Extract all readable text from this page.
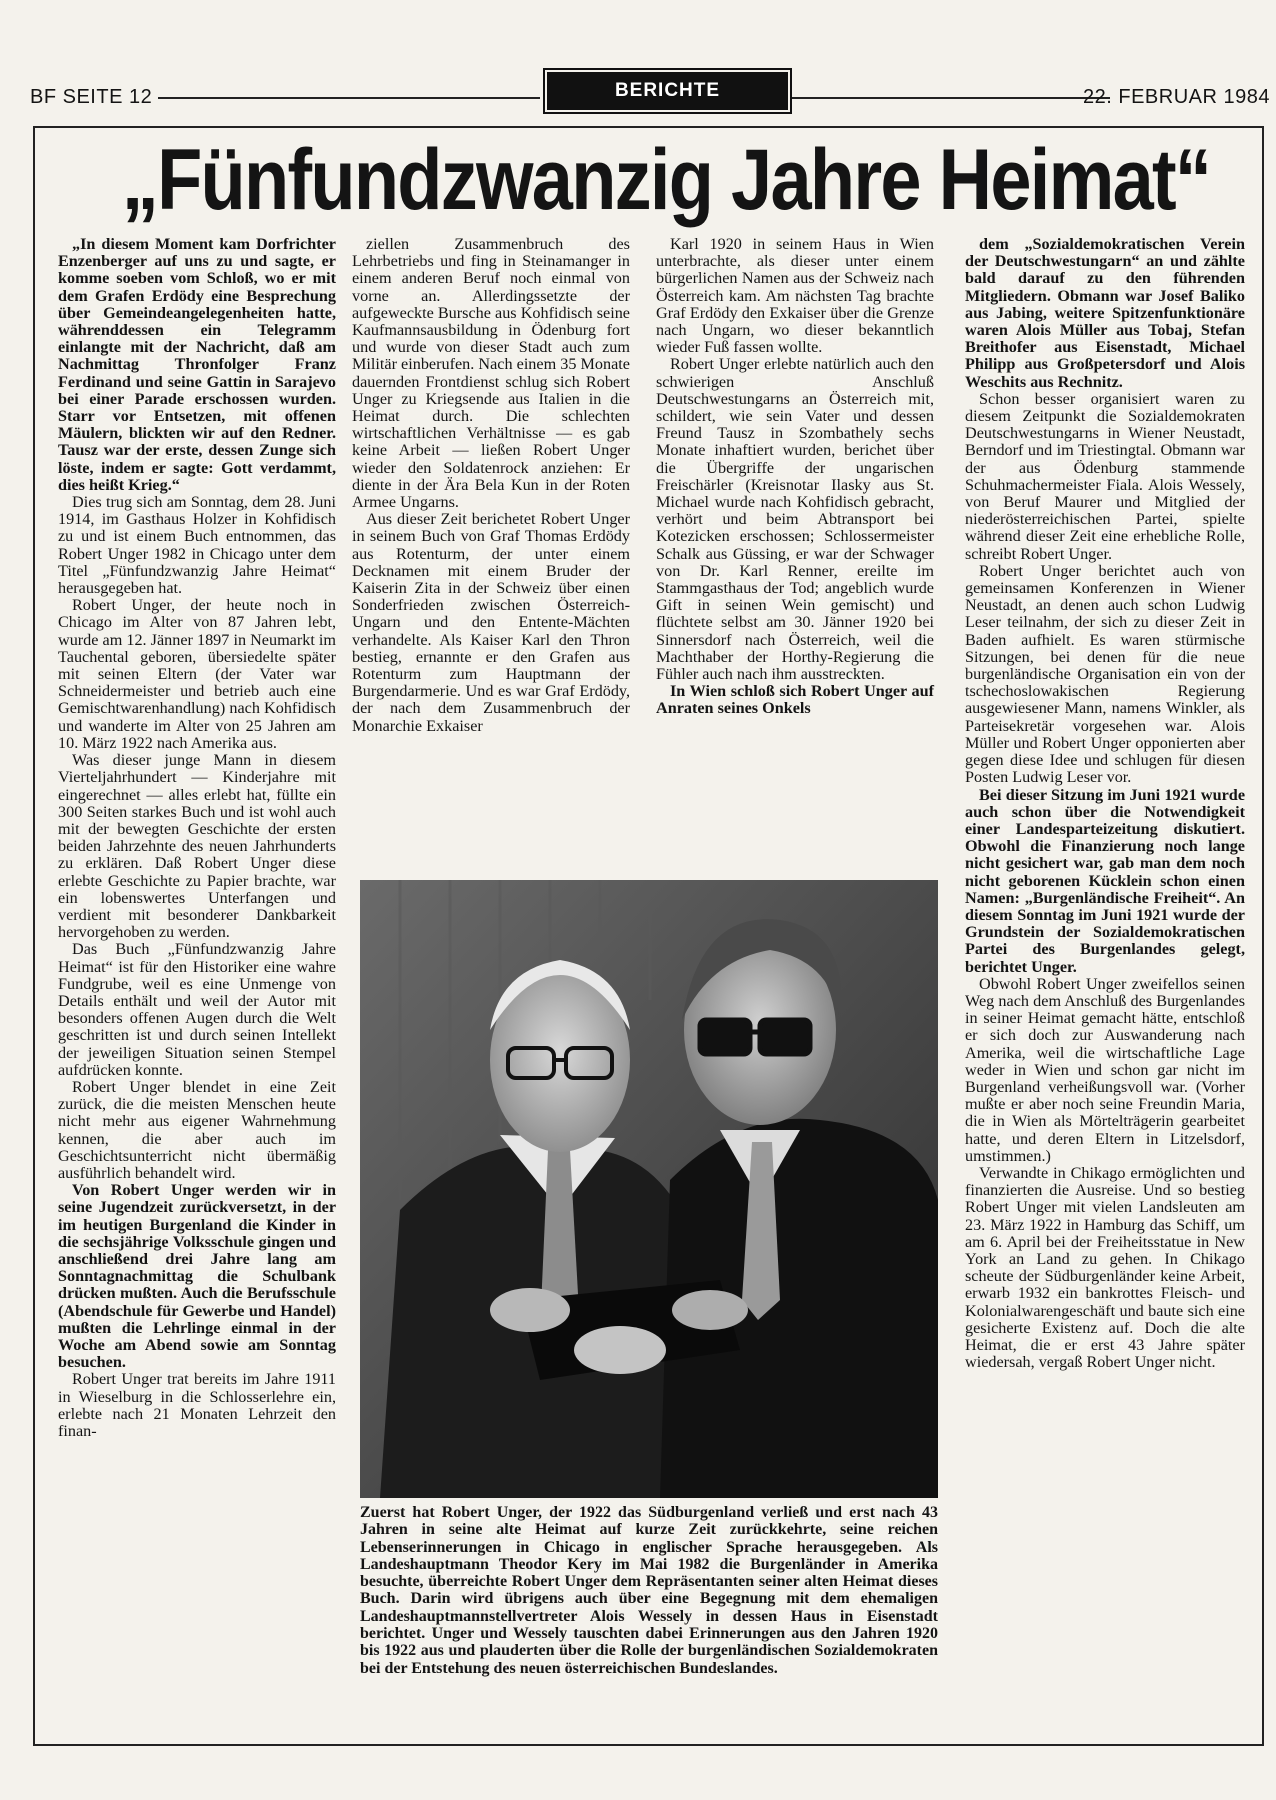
BF SEITE 12	BERICHTE	22. FEBRUAR 1984
„Fünfundzwanzig Jahre Heimat“

„In diesem Moment kam Dorfrichter Enzenberger auf uns zu und sagte, er komme soeben vom Schloß, wo er mit dem Grafen Erdödy eine Besprechung über Gemeindeangelegenheiten hatte, währenddessen ein Telegramm einlangte mit der Nachricht, daß am Nachmittag Thronfolger Franz Ferdinand und seine Gattin in Sarajevo bei einer Parade erschossen wurden. Starr vor Entsetzen, mit offenen Mäulern, blickten wir auf den Redner. Tausz war der erste, dessen Zunge sich löste, indem er sagte: Gott verdammt, dies heißt Krieg.“

Dies trug sich am Sonntag, dem 28. Juni 1914, im Gasthaus Holzer in Kohfidisch zu und ist einem Buch entnommen, das Robert Unger 1982 in Chicago unter dem Titel „Fünfundzwanzig Jahre Heimat“ herausgegeben hat.

Robert Unger, der heute noch in Chicago im Alter von 87 Jahren lebt, wurde am 12. Jänner 1897 in Neumarkt im Tauchental geboren, übersiedelte später mit seinen Eltern (der Vater war Schneidermeister und betrieb auch eine Gemischtwarenhandlung) nach Kohfidisch und wanderte im Alter von 25 Jahren am 10. März 1922 nach Amerika aus.

Was dieser junge Mann in diesem Vierteljahrhundert — Kinderjahre mit eingerechnet — alles erlebt hat, füllte ein 300 Seiten starkes Buch und ist wohl auch mit der bewegten Geschichte der ersten beiden Jahrzehnte des neuen Jahrhunderts zu erklären. Daß Robert Unger diese erlebte Geschichte zu Papier brachte, war ein lobenswertes Unterfangen und verdient mit besonderer Dankbarkeit hervorgehoben zu werden.

Das Buch „Fünfundzwanzig Jahre Heimat“ ist für den Historiker eine wahre Fundgrube, weil es eine Unmenge von Details enthält und weil der Autor mit besonders offenen Augen durch die Welt geschritten ist und durch seinen Intellekt der jeweiligen Situation seinen Stempel aufdrücken konnte.

Robert Unger blendet in eine Zeit zurück, die die meisten Menschen heute nicht mehr aus eigener Wahrnehmung kennen, die aber auch im Geschichtsunterricht nicht übermäßig ausführlich behandelt wird.

Von Robert Unger werden wir in seine Jugendzeit zurückversetzt, in der im heutigen Burgenland die Kinder in die sechsjährige Volksschule gingen und anschließend drei Jahre lang am Sonntagnachmittag die Schulbank drücken mußten. Auch die Berufsschule (Abendschule für Gewerbe und Handel) mußten die Lehrlinge einmal in der Woche am Abend sowie am Sonntag besuchen.

Robert Unger trat bereits im Jahre 1911 in Wieselburg in die Schlosserlehre ein, erlebte nach 21 Monaten Lehrzeit den finan-

ziellen Zusammenbruch des Lehrbetriebs und fing in Steinamanger in einem anderen Beruf noch einmal von vorne an. Allerdingssetzte der aufgeweckte Bursche aus Kohfidisch seine Kaufmannsausbildung in Ödenburg fort und wurde von dieser Stadt auch zum Militär einberufen. Nach einem 35 Monate dauernden Frontdienst schlug sich Robert Unger zu Kriegsende aus Italien in die Heimat durch. Die schlechten wirtschaftlichen Verhältnisse — es gab keine Arbeit — ließen Robert Unger wieder den Soldatenrock anziehen: Er diente in der Ära Bela Kun in der Roten Armee Ungarns.

Aus dieser Zeit berichetet Robert Unger in seinem Buch von Graf Thomas Erdödy aus Rotenturm, der unter einem Decknamen mit einem Bruder der Kaiserin Zita in der Schweiz über einen Sonderfrieden zwischen Österreich-Ungarn und den Entente-Mächten verhandelte. Als Kaiser Karl den Thron bestieg, ernannte er den Grafen aus Rotenturm zum Hauptmann der Burgendarmerie. Und es war Graf Erdödy, der nach dem Zusammenbruch der Monarchie Exkaiser

Karl 1920 in seinem Haus in Wien unterbrachte, als dieser unter einem bürgerlichen Namen aus der Schweiz nach Österreich kam. Am nächsten Tag brachte Graf Erdödy den Exkaiser über die Grenze nach Ungarn, wo dieser bekanntlich wieder Fuß fassen wollte.

Robert Unger erlebte natürlich auch den schwierigen Anschluß Deutschwestungarns an Österreich mit, schildert, wie sein Vater und dessen Freund Tausz in Szombathely sechs Monate inhaftiert wurden, berichet über die Übergriffe der ungarischen Freischärler (Kreisnotar Ilasky aus St. Michael wurde nach Kohfidisch gebracht, verhört und beim Abtransport bei Kotezicken erschossen; Schlossermeister Schalk aus Güssing, er war der Schwager von Dr. Karl Renner, ereilte im Stammgasthaus der Tod; angeblich wurde Gift in seinen Wein gemischt) und flüchtete selbst am 30. Jänner 1920 bei Sinnersdorf nach Österreich, weil die Machthaber der Horthy-Regierung die Fühler auch nach ihm ausstreckten.

In Wien schloß sich Robert Unger auf Anraten seines Onkels

dem „Sozialdemokratischen Verein der Deutschwestungarn“ an und zählte bald darauf zu den führenden Mitgliedern. Obmann war Josef Baliko aus Jabing, weitere Spitzenfunktionäre waren Alois Müller aus Tobaj, Stefan Breithofer aus Eisenstadt, Michael Philipp aus Großpetersdorf und Alois Weschits aus Rechnitz.

Schon besser organisiert waren zu diesem Zeitpunkt die Sozialdemokraten Deutschwestungarns in Wiener Neustadt, Berndorf und im Triestingtal. Obmann war der aus Ödenburg stammende Schuhmachermeister Fiala. Alois Wessely, von Beruf Maurer und Mitglied der niederösterreichischen Partei, spielte während dieser Zeit eine erhebliche Rolle, schreibt Robert Unger.

Robert Unger berichtet auch von gemeinsamen Konferenzen in Wiener Neustadt, an denen auch schon Ludwig Leser teilnahm, der sich zu dieser Zeit in Baden aufhielt. Es waren stürmische Sitzungen, bei denen für die neue burgenländische Organisation ein von der tschechoslowakischen Regierung ausgewiesener Mann, namens Winkler, als Parteisekretär vorgesehen war. Alois Müller und Robert Unger opponierten aber gegen diese Idee und schlugen für diesen Posten Ludwig Leser vor.

Bei dieser Sitzung im Juni 1921 wurde auch schon über die Notwendigkeit einer Landesparteizeitung diskutiert. Obwohl die Finanzierung noch lange nicht gesichert war, gab man dem noch nicht geborenen Kücklein schon einen Namen: „Burgenländische Freiheit“. An diesem Sonntag im Juni 1921 wurde der Grundstein der Sozialdemokratischen Partei des Burgenlandes gelegt, berichtet Unger.

Obwohl Robert Unger zweifellos seinen Weg nach dem Anschluß des Burgenlandes in seiner Heimat gemacht hätte, entschloß er sich doch zur Auswanderung nach Amerika, weil die wirtschaftliche Lage weder in Wien und schon gar nicht im Burgenland verheißungsvoll war. (Vorher mußte er aber noch seine Freundin Maria, die in Wien als Mörtelträgerin gearbeitet hatte, und deren Eltern in Litzelsdorf, umstimmen.)

Verwandte in Chikago ermöglichten und finanzierten die Ausreise. Und so bestieg Robert Unger mit vielen Landsleuten am 23. März 1922 in Hamburg das Schiff, um am 6. April bei der Freiheitsstatue in New York an Land zu gehen. In Chikago scheute der Südburgenländer keine Arbeit, erwarb 1932 ein bankrottes Fleisch- und Kolonialwarengeschäft und baute sich eine gesicherte Existenz auf. Doch die alte Heimat, die er erst 43 Jahre später wiedersah, vergaß Robert Unger nicht.

Zuerst hat Robert Unger, der 1922 das Südburgenland verließ und erst nach 43 Jahren in seine alte Heimat auf kurze Zeit zurückkehrte, seine reichen Lebenserinnerungen in Chicago in englischer Sprache herausgegeben. Als Landeshauptmann Theodor Kery im Mai 1982 die Burgenländer in Amerika besuchte, überreichte Robert Unger dem Repräsentanten seiner alten Heimat dieses Buch. Darin wird übrigens auch über eine Begegnung mit dem ehemaligen Landeshauptmannstellvertreter Alois Wessely in dessen Haus in Eisenstadt berichtet. Unger und Wessely tauschten dabei Erinnerungen aus den Jahren 1920 bis 1922 aus und plauderten über die Rolle der burgenländischen Sozialdemokraten bei der Entstehung des neuen österreichischen Bundeslandes.
